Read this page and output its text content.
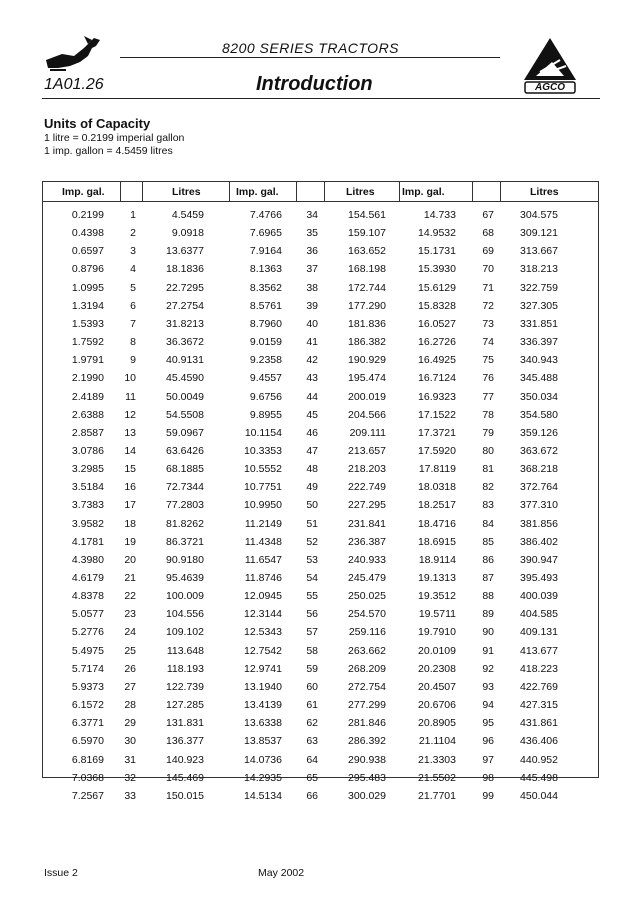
8200 SERIES TRACTORS
1A01.26	Introduction	AGCO
Units of Capacity
1 litre = 0.2199 imperial gallon
1 imp. gallon = 4.5459 litres
Imp. gal.	Litres	Imp. gal.	Litres	Imp. gal.	Litres
0.2199	1	4.5459	7.4766	34	154.561	14.733	67	304.575
0.4398	2	9.0918	7.6965	35	159.107	14.9532	68	309.121
0.6597	3	13.6377	7.9164	36	163.652	15.1731	69	313.667
0.8796	4	18.1836	8.1363	37	168.198	15.3930	70	318.213
1.0995	5	22.7295	8.3562	38	172.744	15.6129	71	322.759
1.3194	6	27.2754	8.5761	39	177.290	15.8328	72	327.305
1.5393	7	31.8213	8.7960	40	181.836	16.0527	73	331.851
1.7592	8	36.3672	9.0159	41	186.382	16.2726	74	336.397
1.9791	9	40.9131	9.2358	42	190.929	16.4925	75	340.943
2.1990	10	45.4590	9.4557	43	195.474	16.7124	76	345.488
2.4189	11	50.0049	9.6756	44	200.019	16.9323	77	350.034
2.6388	12	54.5508	9.8955	45	204.566	17.1522	78	354.580
2.8587	13	59.0967	10.1154	46	209.111	17.3721	79	359.126
3.0786	14	63.6426	10.3353	47	213.657	17.5920	80	363.672
3.2985	15	68.1885	10.5552	48	218.203	17.8119	81	368.218
3.5184	16	72.7344	10.7751	49	222.749	18.0318	82	372.764
3.7383	17	77.2803	10.9950	50	227.295	18.2517	83	377.310
3.9582	18	81.8262	11.2149	51	231.841	18.4716	84	381.856
4.1781	19	86.3721	11.4348	52	236.387	18.6915	85	386.402
4.3980	20	90.9180	11.6547	53	240.933	18.9114	86	390.947
4.6179	21	95.4639	11.8746	54	245.479	19.1313	87	395.493
4.8378	22	100.009	12.0945	55	250.025	19.3512	88	400.039
5.0577	23	104.556	12.3144	56	254.570	19.5711	89	404.585
5.2776	24	109.102	12.5343	57	259.116	19.7910	90	409.131
5.4975	25	113.648	12.7542	58	263.662	20.0109	91	413.677
5.7174	26	118.193	12.9741	59	268.209	20.2308	92	418.223
5.9373	27	122.739	13.1940	60	272.754	20.4507	93	422.769
6.1572	28	127.285	13.4139	61	277.299	20.6706	94	427.315
6.3771	29	131.831	13.6338	62	281.846	20.8905	95	431.861
6.5970	30	136.377	13.8537	63	286.392	21.1104	96	436.406
6.8169	31	140.923	14.0736	64	290.938	21.3303	97	440.952
7.0368	32	145.469	14.2935	65	295.483	21.5502	98	445.498
7.2567	33	150.015	14.5134	66	300.029	21.7701	99	450.044
Issue 2	May 2002
